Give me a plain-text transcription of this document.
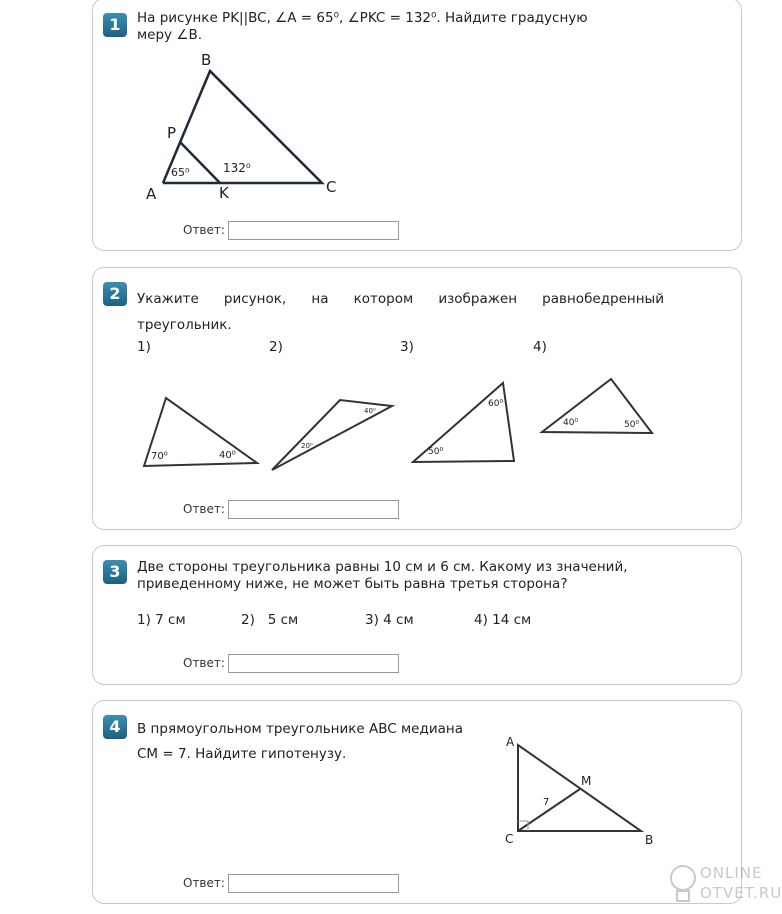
1	На рисунке PK||BC, ∠A = 65⁰, ∠PKC = 132⁰. Найдите градусную
меру ∠B.
B
P
A	K	C
65⁰	132⁰
Ответ:
2	Укажите рисунок, на котором изображен равнобедренный
треугольник.
1)	2)	3)	4)
70⁰	40⁰
20⁰
40⁰
60⁰
50⁰
40⁰	50⁰
Ответ:
3	Две стороны треугольника равны 10 см и 6 см. Какому из значений,
приведенному ниже, не может быть равна третья сторона?
1) 7 см	2)   5 см	3) 4 см	4) 14 см
Ответ:
4	В прямоугольном треугольнике ABC медиана
CM = 7. Найдите гипотенузу.
A
M
C	B
7
Ответ:
ONLINE
OTVET.RU
